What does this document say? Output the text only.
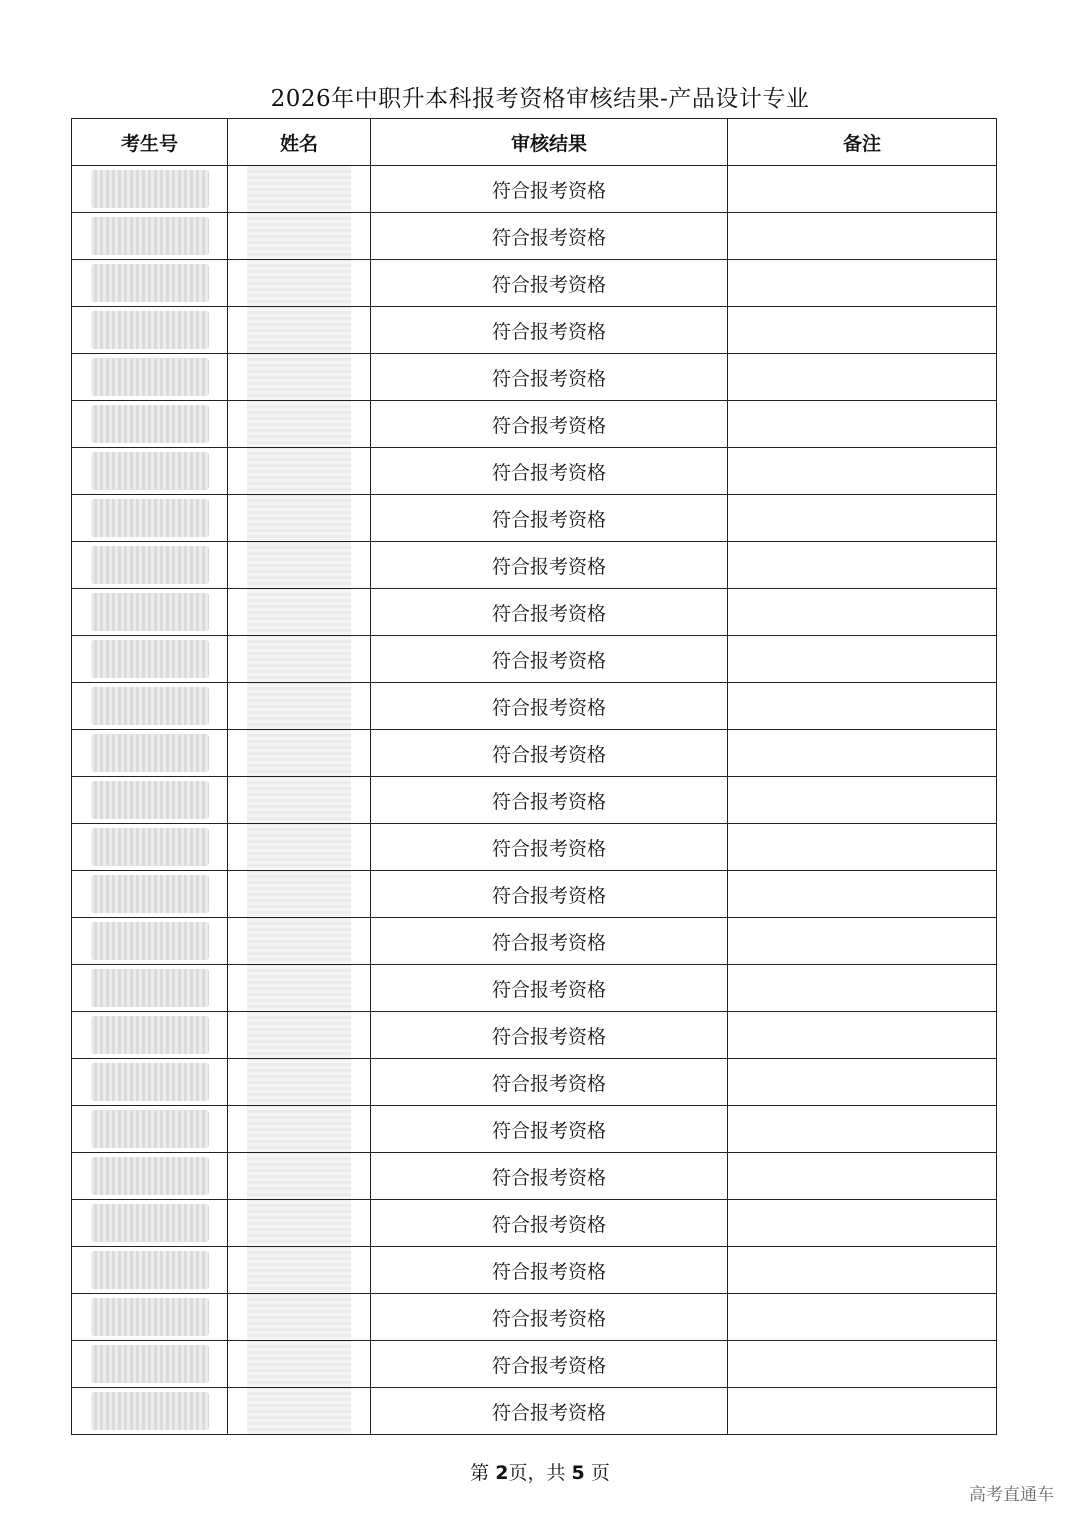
2026年中职升本科报考资格审核结果-产品设计专业
考生号	姓名	审核结果	备注
		符合报考资格	
		符合报考资格	
		符合报考资格	
		符合报考资格	
		符合报考资格	
		符合报考资格	
		符合报考资格	
		符合报考资格	
		符合报考资格	
		符合报考资格	
		符合报考资格	
		符合报考资格	
		符合报考资格	
		符合报考资格	
		符合报考资格	
		符合报考资格	
		符合报考资格	
		符合报考资格	
		符合报考资格	
		符合报考资格	
		符合报考资格	
		符合报考资格	
		符合报考资格	
		符合报考资格	
		符合报考资格	
		符合报考资格	
		符合报考资格	
第 2页，共 5 页
高考直通车
